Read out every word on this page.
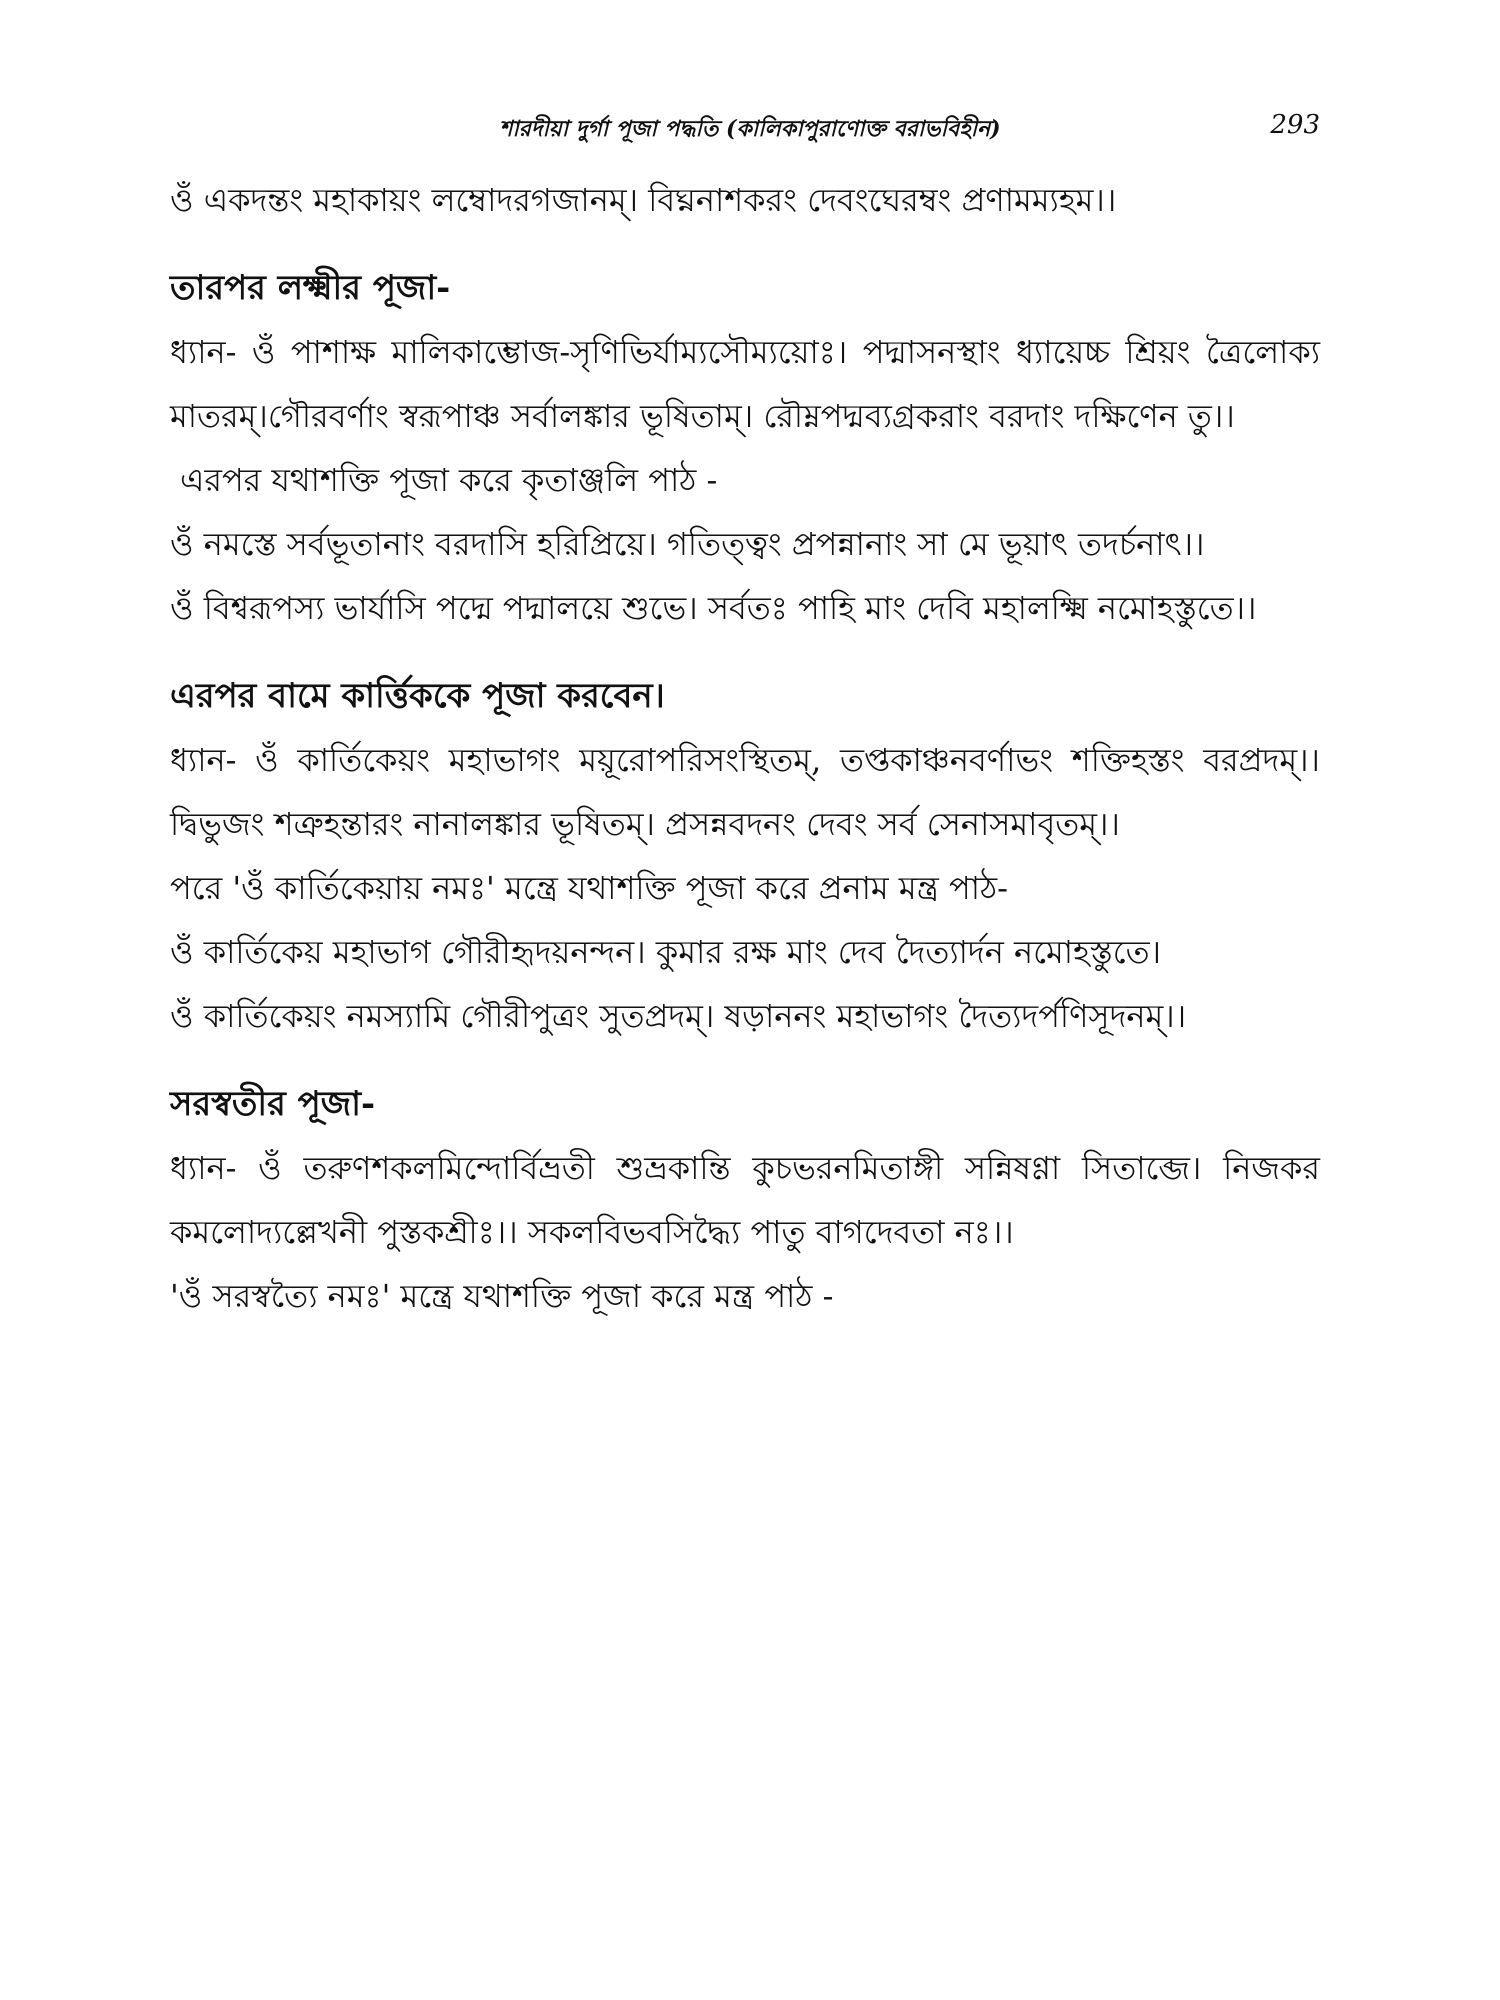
শারদীয়া দুর্গা পূজা পদ্ধতি (কালিকাপুরাণোক্ত বরাভবিহীন)	293

ওঁ একদন্তং মহাকায়ং লম্বোদরগজানম্। বিঘ্ননাশকরং দেবংঘেরম্বং প্রণামম্যহম।।

তারপর লক্ষ্মীর পূজা-

ধ্যান- ওঁ পাশাক্ষ মালিকাম্ভোজ-সৃণিভির্যাম্যসৌম্যয়োঃ। পদ্মাসনস্থাং ধ্যায়েচ্চ শ্রিয়ং ত্রৈলোক্য মাতরম্।গৌরবর্ণাং স্বরূপাঞ্চ সর্বালঙ্কার ভূষিতাম্। রৌম্নপদ্মব্যগ্রকরাং বরদাং দক্ষিণেন তু।।

এরপর যথাশক্তি পূজা করে কৃতাঞ্জলি পাঠ -

ওঁ নমস্তে সর্বভূতানাং বরদাসি হরিপ্রিয়ে। গতিত্ত্বং প্রপন্নানাং সা মে ভূয়াৎ তদর্চনাৎ।।

ওঁ বিশ্বরূপস্য ভার্যাসি পদ্মে পদ্মালয়ে শুভে। সর্বতঃ পাহি মাং দেবি মহালক্ষ্মি নমোহস্তুতে।।

এরপর বামে কার্ত্তিককে পূজা করবেন।

ধ্যান- ওঁ কার্তিকেয়ং মহাভাগং ময়ূরোপরিসংস্থিতম্, তপ্তকাঞ্চনবর্ণাভং শক্তিহস্তং বরপ্রদম্।।দ্বিভুজং শত্রুহন্তারং নানালঙ্কার ভূষিতম্। প্রসন্নবদনং দেবং সর্ব সেনাসমাবৃতম্।।

পরে 'ওঁ কার্তিকেয়ায় নমঃ' মন্ত্রে যথাশক্তি পূজা করে প্রনাম মন্ত্র পাঠ-

ওঁ কার্তিকেয় মহাভাগ গৌরীহৃদয়নন্দন। কুমার রক্ষ মাং দেব দৈত্যার্দন নমোহস্তুতে।

ওঁ কার্তিকেয়ং নমস্যামি গৌরীপুত্রং সুতপ্রদম্। ষড়াননং মহাভাগং দৈত্যদর্পণিসূদনম্।।

সরস্বতীর পূজা-

ধ্যান- ওঁ তরুণশকলমিন্দোর্বিভ্রতী শুভ্রকান্তি কুচভরনমিতাঙ্গী সন্নিষণ্ণা সিতাব্জে। নিজকর কমলোদ্যল্লেখনী পুস্তকশ্রীঃ।। সকলবিভবসিদ্ধ্যৈ পাতু বাগদেবতা নঃ।।

'ওঁ সরস্বত্যৈ নমঃ' মন্ত্রে যথাশক্তি পূজা করে মন্ত্র পাঠ -
